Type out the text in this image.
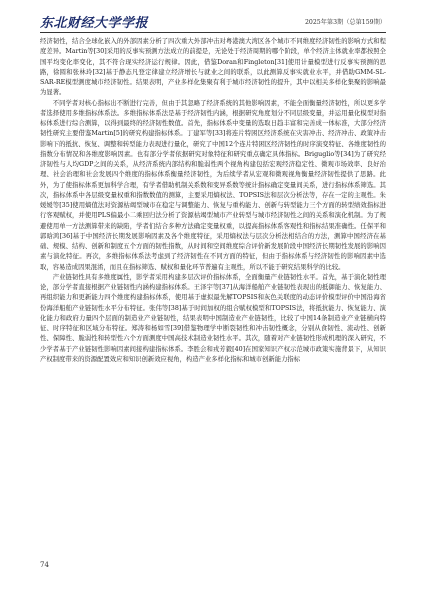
东北财经大学学报	2025年第3期（总第159期）

经济韧性，结合全球化嵌入的外部因素分析了四次重大外部冲击对粤港澳大湾区各个城市不同维度经济韧性的影响方式和程度差异。Martin等[30]采用的反事实预测方法成立的前提是，无论处于经济周期的哪个阶段，单个经济主体就业率都按照全国平均变化率变化，其不符合现实经济运行规律。因此，借鉴Doran和Fingleton[31]使用计量模型进行反事实预测的思路，徐圆和张林玲[32]基于静态凡登定律建立经济增长与就业之间的联系，以此测算反事实就业水平，并借助GMM-SL-SAR-RE模型测度城市经济韧性。结果表明，产业多样化集聚有利于城市经济韧性的提升，其中以相关多样化集聚的影响最为显著。

不同学者对核心指标出不断进行完善，但由于其忽略了经济系统的其他影响因素，不能全面衡量经济韧性，所以更多学者选择使用多维指标体系法。多维指标体系法是基于经济韧性内涵，根据研究角度划分不同层级变量，并运用量化模型对指标体系进行综合测算，以得到最终的经济韧性数值。首先，指标体系中变量的选取日趋丰富和完善成一体标准，大部分经济韧性研究主要借鉴Martin[5]的研究构建指标体系。丁建军等[33]将连片特困区经济系统在灾害冲击、经济冲击、政策冲击影响下的抵抗、恢复、调整和转型能力表现进行量化，研究了中国12个连片特困区经济韧性的时序演变特征、各维度韧性的指数分布情况和各维度影响因素。也有部分学者依据研究对象特征和研究重点确定具体指标。Briguglio等[34]为了研究经济韧性与人均GDP之间的关系，从经济系统内部结构和脆弱性两个视角构建包括宏观经济稳定性、微观市场效率、良好治理、社会治理和社会发展四个维度的指标体系衡量经济韧性，为后续学者从宏观和微观视角衡量经济韧性提供了思路。此外，为了使指标体系更加科学合理，有学者借助机制关系数和变异系数等统计指标确定变量间关系，进行指标体系筛选。其次，指标体系中各层级变量权重和指数数值的测算，主要采用熵权法、TOPSIS法和层次分析法等，存在一定的主观性。朱媛媛等[35]使用熵值法对资源枯竭型城市在稳定与调整能力、恢复与重构能力、创新与转型能力三个方面的转型绩效指标进行客观赋权，并使用PLS偏最小二乘回归法分析了资源枯竭型城市产业转型与城市经济韧性之间的关系和演化机制。为了规避使用单一方法测算带来的缺陷，学者们结合多种方法确定变量权重，以提高指标体系客观性和指标结果准确性。任保平和郭晗鸿[36]基于中国经济长期发展影响因素及各个维度特征，采用熵权法与层次分析法相结合的方法，测算中国经济在基础、规模、结构、创新和制度五个方面的韧性指数，从时间和空间维度综合评价新发展阶段中国经济长期韧性发展的影响因素与演化特征。再次，多维指标体系法考虑到了经济韧性在不同方面的特征，但由于指标体系与经济韧性的影响因素中选取，容易造成因果混淆，而且在指标筛选、赋权和量化环节普遍有主观性，所以不能于研究结果科学的比较。

产业链韧性具有多维度属性，影学者采用构建多层次评价指标体系，全面衡量产业链韧性水平。首先，基于演化韧性理论，部分学者直接根据产业链韧性内涵构建指标体系。王泽宇等[37]从海洋船舶产业链韧性表现出的抵御能力、恢复能力、再组织能力和更新能力四个维度构建指标体系，使用基于虚拟最先解TOPSIS和灰色关联度的动态评价模型评价中国沿海省份海洋船舶产业链韧性水平分布特征。张伟等[38]基于时间加权的组合赋权模型和TOPSIS法，将抵抗能力、恢复能力、演化能力和政府力量四个层面的制造业产业链韧性，结果表明中国制造业产业链韧性，比较了中国14条制造业产业链横向特征、时序特征和区域分布特征。郑涛和杨如雪[39]借鉴物理学中断裂韧性和冲击韧性概念，分别从食韧性、流动性、创新性、保障性、脆弱性和转型性六个方面测度中国高技术制造业韧性水平。其次，随着对产业链韧性形成机理的深入研究，不少学者基于产业链韧性影响因素间接构建指标体系。李胜会和戎芳毅[40]在国家知识产权示范城市政策实施背景下，从知识产权制度带来的资源配置效应和知识创新效应视角，构造产业多样化指标和城市创新能力指标

74
